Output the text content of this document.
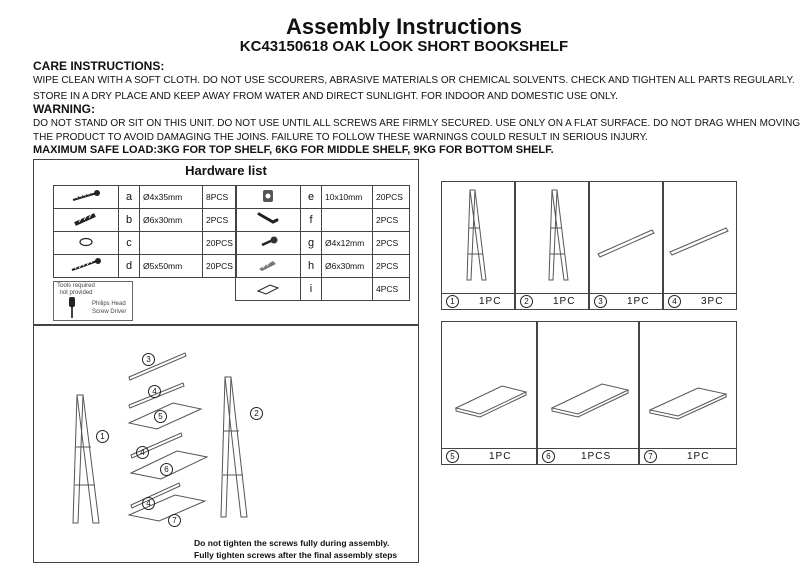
Assembly Instructions
KC43150618 OAK LOOK SHORT BOOKSHELF
CARE INSTRUCTIONS:
WIPE CLEAN WITH A SOFT CLOTH. DO NOT USE SCOURERS, ABRASIVE MATERIALS OR CHEMICAL SOLVENTS. CHECK AND TIGHTEN ALL PARTS REGULARLY.
STORE IN A DRY PLACE AND KEEP AWAY FROM WATER AND DIRECT SUNLIGHT. FOR INDOOR AND DOMESTIC USE ONLY.
WARNING:
DO NOT STAND OR SIT ON THIS UNIT. DO NOT USE UNTIL ALL SCREWS ARE FIRMLY SECURED. USE ONLY ON A FLAT SURFACE. DO NOT DRAG WHEN MOVING
THE PRODUCT TO AVOID DAMAGING THE JOINS. FAILURE TO FOLLOW THESE WARNINGS COULD RESULT IN SERIOUS INJURY.
MAXIMUM SAFE LOAD:3KG FOR TOP SHELF, 6KG FOR MIDDLE SHELF, 9KG FOR BOTTOM SHELF.
Hardware list
	a	Ø4x35mm	8PCS
	b	Ø6x30mm	2PCS
	c		20PCS
	d	Ø5x50mm	20PCS
	e	10x10mm	20PCS
	f		2PCS
	g	Ø4x12mm	2PCS
	h	Ø6x30mm	2PCS
	i		4PCS
Tools required
not provided
Philips Head
Screw Driver
1	1PC	2	1PC	3	1PC	4	3PC
5	1PC	6	1PCS	7	1PC
1
2
3
4
5
4
6
4
7
Do not tighten the screws fully during assembly.
Fully tighten screws after the final assembly steps
